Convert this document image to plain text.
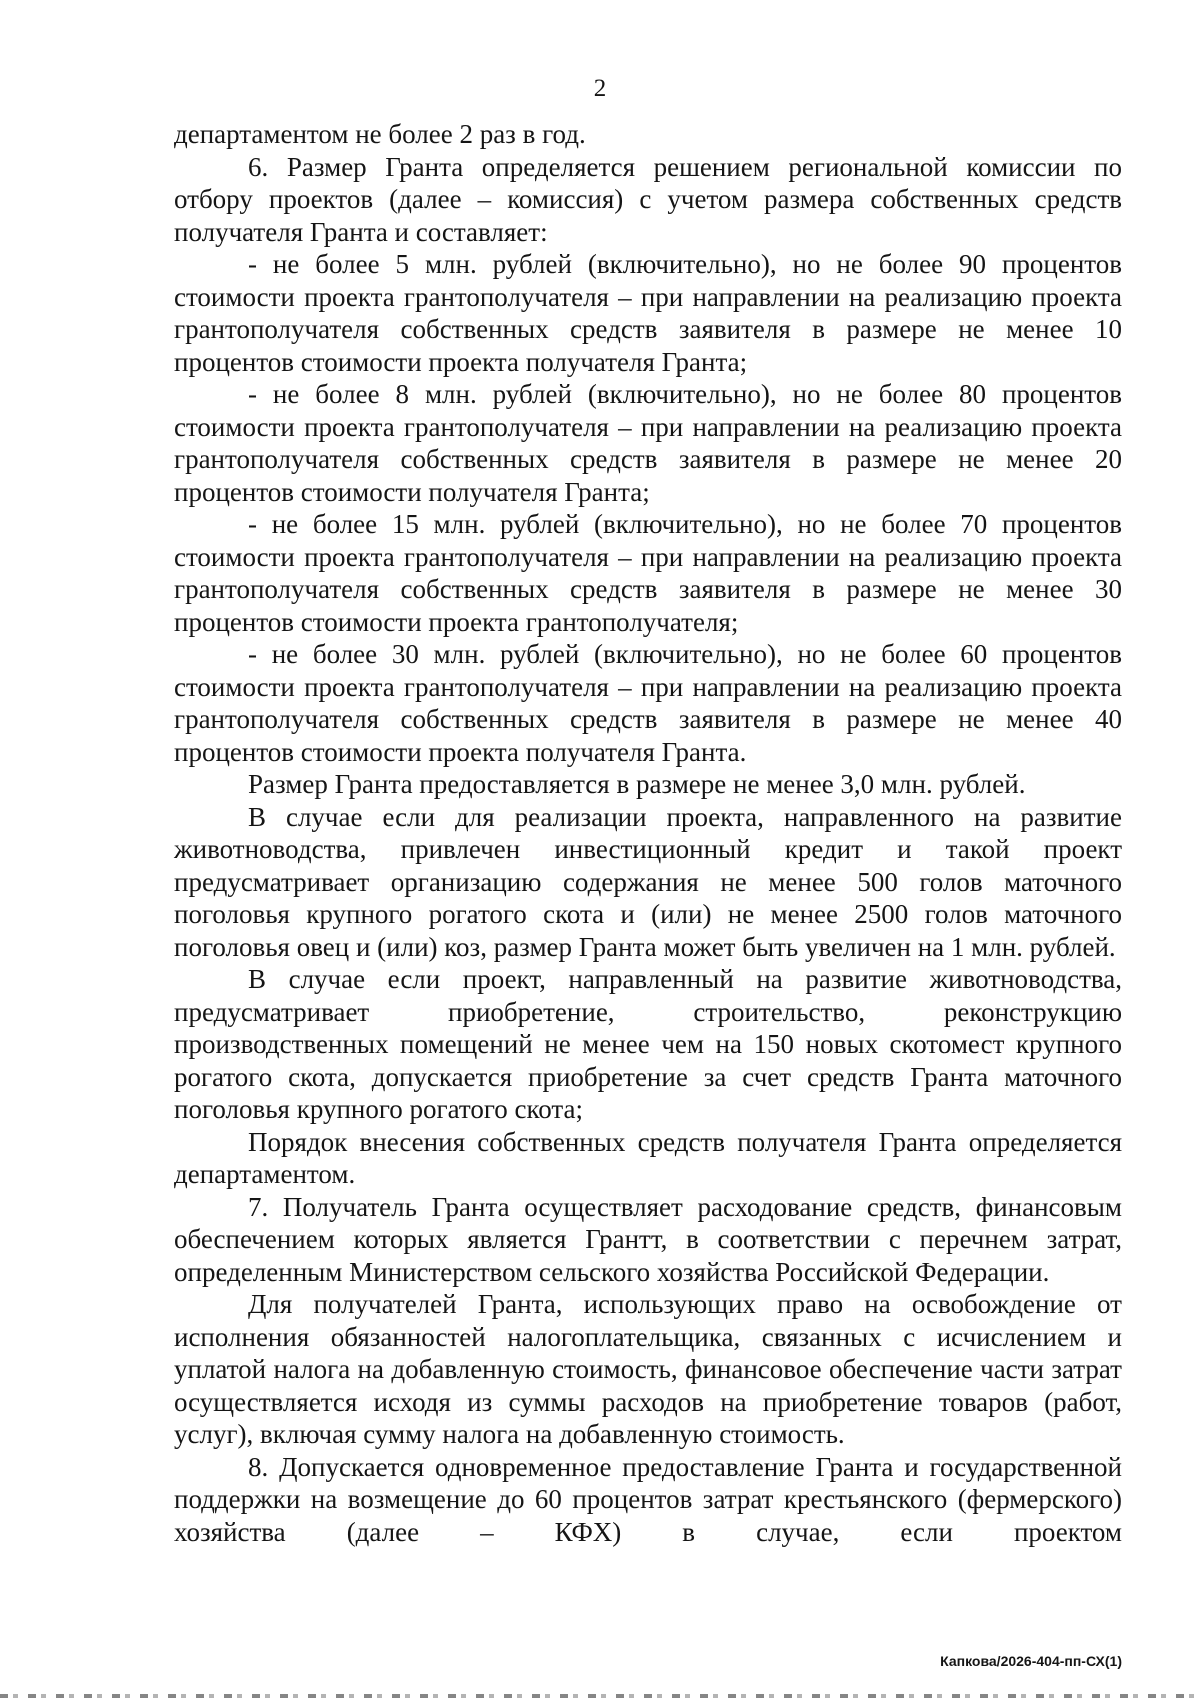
2

департаментом не более 2 раз в год.

6. Размер Гранта определяется решением региональной комиссии по отбору проектов (далее – комиссия) с учетом размера собственных средств получателя Гранта и составляет:

- не более 5 млн. рублей (включительно), но не более 90 процентов стоимости проекта грантополучателя – при направлении на реализацию проекта грантополучателя собственных средств заявителя в размере не менее 10 процентов стоимости проекта получателя Гранта;

- не более 8 млн. рублей (включительно), но не более 80 процентов стоимости проекта грантополучателя – при направлении на реализацию проекта грантополучателя собственных средств заявителя в размере не менее 20 процентов стоимости получателя Гранта;

- не более 15 млн. рублей (включительно), но не более 70 процентов стоимости проекта грантополучателя – при направлении на реализацию проекта грантополучателя собственных средств заявителя в размере не менее 30 процентов стоимости проекта грантополучателя;

- не более 30 млн. рублей (включительно), но не более 60 процентов стоимости проекта грантополучателя – при направлении на реализацию проекта грантополучателя собственных средств заявителя в размере не менее 40 процентов стоимости проекта получателя Гранта.

Размер Гранта предоставляется в размере не менее 3,0 млн. рублей.

В случае если для реализации проекта, направленного на развитие животноводства, привлечен инвестиционный кредит и такой проект предусматривает организацию содержания не менее 500 голов маточного поголовья крупного рогатого скота и (или) не менее 2500 голов маточного поголовья овец и (или) коз, размер Гранта может быть увеличен на 1 млн. рублей.

В случае если проект, направленный на развитие животноводства, предусматривает приобретение, строительство, реконструкцию производственных помещений не менее чем на 150 новых скотомест крупного рогатого скота, допускается приобретение за счет средств Гранта маточного поголовья крупного рогатого скота;

Порядок внесения собственных средств получателя Гранта определяется департаментом.

7. Получатель Гранта осуществляет расходование средств, финансовым обеспечением которых является Грантт, в соответствии с перечнем затрат, определенным Министерством сельского хозяйства Российской Федерации.

Для получателей Гранта, использующих право на освобождение от исполнения обязанностей налогоплательщика, связанных с исчислением и уплатой налога на добавленную стоимость, финансовое обеспечение части затрат осуществляется исходя из суммы расходов на приобретение товаров (работ, услуг), включая сумму налога на добавленную стоимость.

8. Допускается одновременное предоставление Гранта и государственной поддержки на возмещение до 60 процентов затрат крестьянского (фермерского) хозяйства (далее – КФХ) в случае, если проектом

Капкова/2026-404-пп-СХ(1)
